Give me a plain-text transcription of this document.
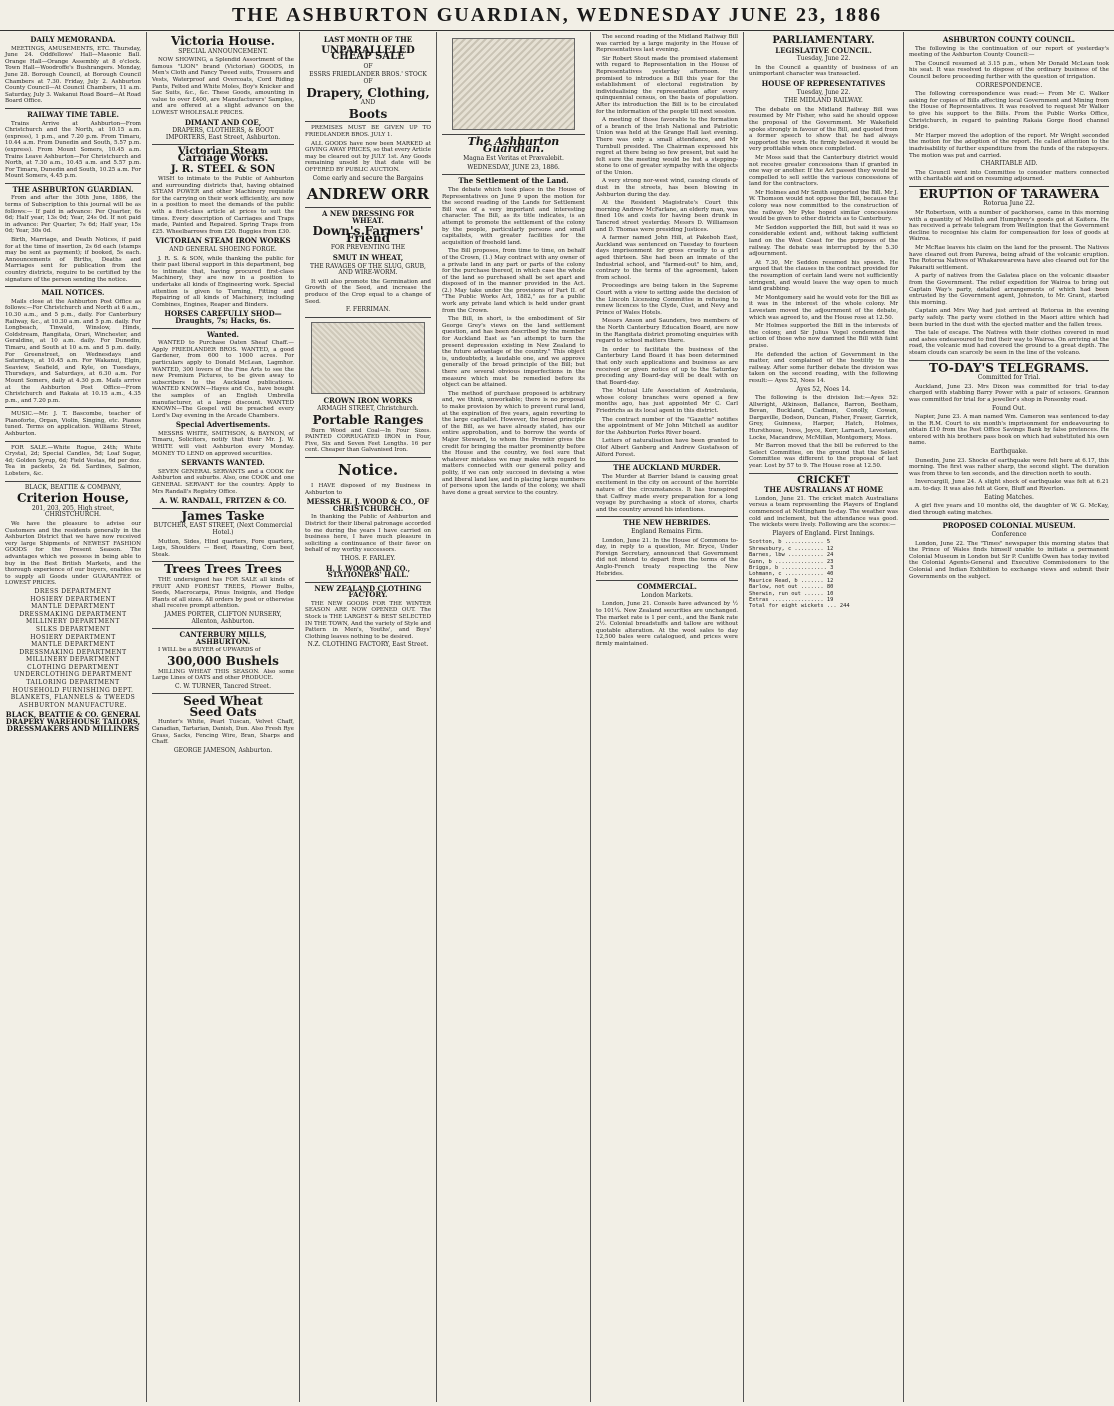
THE ASHBURTON GUARDIAN, WEDNESDAY JUNE 23, 1886
DAILY MEMORANDA.

MEETINGS, AMUSEMENTS, ETC. Thursday, June 24. Oddfellows' Hall—Masonic Ball. Orange Hall—Orange Assembly at 8 o'clock. Town Hall—Woodroffe's Bushrangers. Monday, June 28. Borough Council, at Borough Council Chambers at 7.30. Friday, July 2. Ashburton County Council—At Council Chambers, 11 a.m. Saturday, July 3. Wakanui Road Board—At Road Board Office.

RAILWAY TIME TABLE.

Trains Arrive at Ashburton—From Christchurch and the North, at 10.15 a.m. (express), 1 p.m., and 7.20 p.m. From Timaru, 10.44 a.m. From Dunedin and South, 5.57 p.m. (express). From Mount Somers, 10.45 a.m. Trains Leave Ashburton—For Christchurch and North, at 7.30 a.m., 10.45 a.m. and 5.57 p.m. For Timaru, Dunedin and South, 10.25 a.m. For Mount Somers, 4.45 p.m.

THE ASHBURTON GUARDIAN.

From and after the 30th June, 1886, the terms of Subscription to this journal will be as follows:— If paid in advance: Per Quarter, 6s 6d; Half year, 13s 0d; Year, 24s 0d. If not paid in advance: Per Quarter, 7s 6d; Half year, 15s 0d; Year, 30s 0d.

Birth, Marriage, and Death Notices, if paid for at the time of insertion, 2s 6d each (stamps may be sent as payment); if booked, 5s each. Announcements of Births, Deaths and Marriages sent for publication from the country districts, require to be certified by the signature of the person sending the notice.

MAIL NOTICES.

Mails close at the Ashburton Post Office as follows:—For Christchurch and North at 6 a.m., 10.30 a.m., and 5 p.m., daily. For Canterbury Railway, &c., at 10.30 a.m. and 5 p.m. daily. For Longbeach, Tinwald, Winslow, Hinds, Coldstream, Rangitata, Orari, Winchester, and Geraldine, at 10 a.m. daily. For Dunedin, Timaru, and South at 10 a.m. and 5 p.m. daily. For Greenstreet, on Wednesdays and Saturdays, at 10.45 a.m. For Wakanui, Elgin, Seaview, Seafield, and Kyle, on Tuesdays, Thursdays, and Saturdays, at 6.30 a.m. For Mount Somers, daily at 4.30 p.m. Mails arrive at the Ashburton Post Office—From Christchurch and Rakaia at 10.15 a.m., 4.35 p.m., and 7.20 p.m.

MUSIC.—Mr. J. T. Bascombe, teacher of Pianoforte, Organ, Violin, Singing, etc. Pianos tuned. Terms on application. Williams Street, Ashburton.

FOR SALE.—White Rogue, 24th; White Crystal, 2d; Special Candles, 5d; Loaf Sugar, 4d; Golden Syrup, 6d; Field Vestas, 6d per doz. Tea in packets, 2s 6d. Sardines, Salmon, Lobsters, &c.

BLACK, BEATTIE & COMPANY,
Criterion House,
201, 203, 205, High street, CHRISTCHURCH.

We have the pleasure to advise our Customers and the residents generally in the Ashburton District that we have now received very large Shipments of NEWEST FASHION GOODS for the Present Season. The advantages which we possess in being able to buy in the Best British Markets, and the thorough experience of our buyers, enables us to supply all Goods under GUARANTEE of LOWEST PRICES.

DRESS DEPARTMENT
HOSIERY DEPARTMENT
MANTLE DEPARTMENT
DRESSMAKING DEPARTMENT
MILLINERY DEPARTMENT
SILKS DEPARTMENT
HOSIERY DEPARTMENT
MANTLE DEPARTMENT
DRESSMAKING DEPARTMENT
MILLINERY DEPARTMENT
CLOTHING DEPARTMENT
UNDERCLOTHING DEPARTMENT
TAILORING DEPARTMENT
HOUSEHOLD FURNISHING DEPT.
BLANKETS, FLANNELS & TWEEDS
ASHBURTON MANUFACTURE.
BLACK, BEATTIE & CO. GENERAL DRAPERY WAREHOUSE TAILORS, DRESSMAKERS AND MILLINERS
Victoria House.
SPECIAL ANNOUNCEMENT.

NOW SHOWING, a Splendid Assortment of the famous "LION" brand (Victorian) GOODS, in Men's Cloth and Fancy Tweed suits, Trousers and Vests, Waterproof and Overcoats, Cord Riding Pants, Felted and White Moles, Boy's Knicker and Sac Suits, &c., &c. These Goods, amounting in value to over £400, are Manufacturers' Samples, and are offered at a slight advance on the LOWEST WHOLESALE PRICES.

DIMANT AND COE,
DRAPERS, CLOTHIERS, & BOOT IMPORTERS, East Street, Ashburton.
Victorian Steam Carriage Works.
J. R. STEEL & SON

WISH to intimate to the Public of Ashburton and surrounding districts that, having obtained STEAM POWER and other Machinery requisite for the carrying on their work efficiently, are now in a position to meet the demands of the public with a first-class article at prices to suit the times. Every description of Carriages and Traps made, Painted and Repaired. Spring Traps from £25. Wheelbarrows from £20. Buggies from £30.

VICTORIAN STEAM IRON WORKS
AND GENERAL SHOEING FORGE.

J. R. S. & SON, while thanking the public for their past liberal support in this department, beg to intimate that, having procured first-class Machinery, they are now in a position to undertake all kinds of Engineering work. Special attention is given to Turning, Fitting and Repairing of all kinds of Machinery, including Combines, Engines, Reaper and Binders.

HORSES CAREFULLY SHOD—Draughts, 7s; Hacks, 6s.
Wanted.

WANTED to Purchase Oaten Sheaf Chaff.—Apply FRIEDLANDER BROS. WANTED, a good Gardener, from 600 to 1000 acres. For particulars apply to Donald McLean, Lagmhor. WANTED, 300 lovers of the Fine Arts to see the new Premium Pictures, to be given away to subscribers to the Auckland publications. WANTED KNOWN—Hayes and Co., have bought the samples of an English Umbrella manufacturer, at a large discount. WANTED KNOWN—The Gospel will be preached every Lord's Day evening in the Arcade Chambers.

Special Advertisements.

MESSRS WHITE, SMITHSON, & BAYNON, of Timaru, Solicitors, notify that their Mr. J. W. WHITE will visit Ashburton every Monday. MONEY TO LEND on approved securities.

SERVANTS WANTED.

SEVEN GENERAL SERVANTS and a COOK for Ashburton and suburbs. Also, one COOK and one GENERAL SERVANT for the country. Apply to Mrs Randall's Registry Office.

A. W. RANDALL, FRITZEN & CO.
James Taske
BUTCHER, EAST STREET, (Next Commercial Hotel.)

Mutton, Sides, Hind quarters, Fore quarters, Legs, Shoulders — Beef, Roasting, Corn beef, Steak.

Trees Trees Trees

THE undersigned has FOR SALE all kinds of FRUIT AND FOREST TREES, Flower Bulbs, Seeds, Macrocarpa, Pinus Insignis, and Hedge Plants of all sizes. All orders by post or otherwise shall receive prompt attention.

JAMES PORTER, CLIFTON NURSERY, Allenton, Ashburton.
CANTERBURY MILLS, ASHBURTON.

I WILL be a BUYER of UPWARDS of

300,000 Bushels

MILLING WHEAT THIS SEASON. Also some Large Lines of OATS and other PRODUCE.

C. W. TURNER, Tancred Street.
Seed Wheat
Seed Oats

Hunter's White, Pearl Tuscan, Velvet Chaff, Canadian, Tartarian, Danish, Dun. Also Fresh Rye Grass, Sacks, Fencing Wire, Bran, Sharps and Chaff.

GEORGE JAMESON, Ashburton.
LAST MONTH OF THE
UNPARALLELED CHEAP SALE
OF
ESSRS FRIEDLANDER BROS.' STOCK OF
Drapery, Clothing,
AND
Boots

PREMISES MUST BE GIVEN UP TO FRIEDLANDER BROS. JULY 1.

ALL GOODS have now been MARKED at GIVING AWAY PRICES, so that every Article may be cleared out by JULY 1st. Any Goods remaining unsold by that date will be OFFERED BY PUBLIC AUCTION.

Come early and secure the Bargains
ANDREW ORR
A NEW DRESSING FOR WHEAT.
Down's Farmers' Friend
FOR PREVENTING THE
SMUT IN WHEAT,
THE RAVAGES OF THE SLUG, GRUB, AND WIRE-WORM.

It will also promote the Germination and Growth of the Seed, and increase the produce of the Crop equal to a change of Seed.

F. FERRIMAN.
CROWN IRON WORKS
ARMAGH STREET, Christchurch.
Portable Ranges

Burn Wood and Coal—In Four Sizes. PAINTED CORRUGATED IRON in Four, Five, Six and Seven Feet Lengths. 16 per cent. Cheaper than Galvanised Iron.

Notice.

I HAVE disposed of my Business in Ashburton to

MESSRS H. J. WOOD & CO., OF CHRISTCHURCH.

In thanking the Public of Ashburton and District for their liberal patronage accorded to me during the years I have carried on business here, I have much pleasure in soliciting a continuance of their favor on behalf of my worthy successors.

THOS. F. FARLEY.
H. J. WOOD AND CO., STATIONERS' HALL.
NEW ZEALAND CLOTHING FACTORY.

THE NEW GOODS FOR THE WINTER SEASON ARE NOW OPENED OUT. The Stock is THE LARGEST & BEST SELECTED IN THE TOWN, And the variety of Style and Pattern in Men's, Youths', and Boys' Clothing leaves nothing to be desired.

N.Z. CLOTHING FACTORY, East Street.
The Ashburton Guardian.
Magna Est Veritas et Prævalebit.
WEDNESDAY, JUNE 23, 1886.
The Settlement of the Land.

The debate which took place in the House of Representatives on June 9 upon the motion for the second reading of the Lands for Settlement Bill was of a very important and interesting character. The Bill, as its title indicates, is an attempt to promote the settlement of the colony by the people, particularly persons and small capitalists, with greater facilities for the acquisition of freehold land.

The Bill proposes, from time to time, on behalf of the Crown, (1.) May contract with any owner of a private land in any part or parts of the colony for the purchase thereof, in which case the whole of the land so purchased shall be set apart and disposed of in the manner provided in the Act. (2.) May take under the provisions of Part II. of "The Public Works Act, 1882," as for a public work any private land which is held under grant from the Crown.

The Bill, in short, is the embodiment of Sir George Grey's views on the land settlement question, and has been described by the member for Auckland East as "an attempt to turn the present depression existing in New Zealand to the future advantage of the country." This object is, undoubtedly, a laudable one, and we approve generally of the broad principle of the Bill; but there are several obvious imperfections in the measure which must be remedied before its object can be attained.

The method of purchase proposed is arbitrary and, we think, unworkable; there is no proposal to make provision by which to prevent rural land, at the expiration of five years, again reverting to the large capitalist. However, the broad principle of the Bill, as we have already stated, has our entire approbation, and to borrow the words of Major Steward, to whom the Premier gives the credit for bringing the matter prominently before the House and the country, we feel sure that whatever mistakes we may make with regard to matters connected with our general policy and polity, if we can only succeed in devising a wise and liberal land law, and in placing large numbers of persons upon the lands of the colony, we shall have done a great service to the country.

The second reading of the Midland Railway Bill was carried by a large majority in the House of Representatives last evening.

Sir Robert Stout made the promised statement with regard to Representation in the House of Representatives yesterday afternoon. He promised to introduce a Bill this year for the establishment of electoral registration by individualising the representation after every quinquennial census, on the basis of population. After its introduction the Bill is to be circulated for the information of the people till next session.

A meeting of those favorable to the formation of a branch of the Irish National and Patriotic Union was held at the Grange Hall last evening. There was only a small attendance, and Mr Turnbull presided. The Chairman expressed his regret at there being so few present, but said he felt sure the meeting would be but a stepping-stone to one of greater sympathy with the objects of the Union.

A very strong nor-west wind, causing clouds of dust in the streets, has been blowing in Ashburton during the day.

At the Resident Magistrate's Court this morning Andrew McFarlane, an elderly man, was fined 10s and costs for having been drunk in Tancred street yesterday. Messrs D. Williamson and D. Thomas were presiding Justices.

A farmer named John Hill, at Pakeboh East, Auckland was sentenced on Tuesday to fourteen days imprisonment for gross cruelty to a girl aged thirteen. She had been an inmate of the Industrial school, and "farmed-out" to him, and, contrary to the terms of the agreement, taken from school.

Proceedings are being taken in the Supreme Court with a view to setting aside the decision of the Lincoln Licensing Committee in refusing to renew licences to the Clyde, Cust, and Nevy and Prince of Wales Hotels.

Messrs Anson and Saunders, two members of the North Canterbury Education Board, are now in the Rangitata district promoting enquiries with regard to school matters there.

In order to facilitate the business of the Canterbury Land Board it has been determined that only such applications and business as are received or given notice of up to the Saturday preceding any Board-day will be dealt with on that Board-day.

The Mutual Life Association of Australasia, whose colony branches were opened a few months ago, has just appointed Mr C. Carl Friedrichs as its local agent in this district.

The contract number of the "Gazette" notifies the appointment of Mr John Mitchell as auditor for the Ashburton Forks River board.

Letters of naturalisation have been granted to Olof Albert Ganberg and Andrew Gustafsson of Alford Forest.

THE AUCKLAND MURDER.

The Murder at Barrier Island is causing great excitement in the city on account of the horrible nature of the circumstances. It has transpired that Caffrey made every preparation for a long voyage by purchasing a stock of stores, charts and the country around his intentions.

THE NEW HEBRIDES.
England Remains Firm.

London, June 21. In the House of Commons to-day, in reply to a question, Mr. Bryce, Under Foreign Secretary, announced that Government did not intend to depart from the terms of the Anglo-French treaty respecting the New Hebrides.

COMMERCIAL.
London Markets.

London, June 21. Consols have advanced by ½ to 101¼. New Zealand securities are unchanged. The market rate is 1 per cent., and the Bank rate 2½. Colonial breadstuffs and tallow are without quotable alteration. At the wool sales to day 12,500 bales were catalogued, and prices were firmly maintained.

PARLIAMENTARY.
LEGISLATIVE COUNCIL.
Tuesday, June 22.

In the Council a quantity of business of an unimportant character was transacted.

HOUSE OF REPRESENTATIVES
Tuesday, June 22.
THE MIDLAND RAILWAY.

The debate on the Midland Railway Bill was resumed by Mr Fisher, who said he should oppose the proposal of the Government. Mr Wakefield spoke strongly in favour of the Bill, and quoted from a former speech to show that he had always supported the work. He firmly believed it would be very profitable when once completed.

Mr Moss said that the Canterbury district would not receive greater concessions than if granted in one way or another. If the Act passed they would be compelled to sell settle the various concessions of land for the contractors.

Mr Holmes and Mr Smith supported the Bill. Mr J. W. Thomson would not oppose the Bill, because the colony was now committed to the construction of the railway. Mr Pyke hoped similar concessions would be given to other districts as to Canterbury.

Mr Seddon supported the Bill, but said it was so considerable extent and, without taking sufficient land on the West Coast for the purposes of the railway. The debate was interrupted by the 5.30 adjournment.

At 7.30, Mr Seddon resumed his speech. He argued that the clauses in the contract provided for the resumption of certain land were not sufficiently stringent, and would leave the way open to much land grabbing.

Mr Montgomery said he would vote for the Bill as it was in the interest of the whole colony. Mr Levestam moved the adjournment of the debate, which was agreed to, and the House rose at 12.50.

Mr Holmes supported the Bill in the interests of the colony, and Sir Julius Vogel condemned the action of those who now damned the Bill with faint praise.

He defended the action of Government in the matter, and complained of the hostility to the railway. After some further debate the division was taken on the second reading, with the following result:— Ayes 52, Noes 14.

Ayes 52, Noes 14.

The following is the division list:—Ayes 52: Allwright, Atkinson, Ballance, Barron, Beetham, Bevan, Buckland, Cadman, Conolly, Cowan, Dargaville, Dodson, Duncan, Fisher, Fraser, Garrick, Grey, Guinness, Harper, Hatch, Holmes, Hursthouse, Ivess, Joyce, Kerr, Larnach, Levestam, Locke, Macandrew, McMillan, Montgomery, Moss.

Mr Barron moved that the bill be referred to the Select Committee, on the ground that the Select Committee was different to the proposal of last year. Lost by 57 to 9. The House rose at 12.50.

CRICKET
THE AUSTRALIANS AT HOME

London, June 21. The cricket match Australians versus a team representing the Players of England commenced at Nottingham to-day. The weather was cold and inclement, but the attendance was good. The wickets were lively. Following are the scores:—

Players of England. First Innings.
Scotton, b ............ 5
Shrewsbury, c ......... 12
Barnes, lbw ........... 24
Gunn, b ............... 23
Briggs, b .............. 3
Lohmann, c ............ 40
Maurice Read, b ....... 12
Barlow, not out ....... 80
Sherwin, run out ...... 10
Extras ................ 19
Total for eight wickets ... 244
ASHBURTON COUNTY COUNCIL.

The following is the continuation of our report of yesterday's meeting of the Ashburton County Council:—

The Council resumed at 3.15 p.m., when Mr Donald McLean took his seat. It was resolved to dispose of the ordinary business of the Council before proceeding further with the question of irrigation.

CORRESPONDENCE.

The following correspondence was read:— From Mr C. Walker asking for copies of Bills affecting local Government and Mining from the House of Representatives. It was resolved to request Mr Walker to give his support to the Bills. From the Public Works Office, Christchurch, in regard to painting Rakaia Gorge flood channel bridge.

Mr Harper moved the adoption of the report. Mr Wright seconded the motion for the adoption of the report. He called attention to the inadvisability of further expenditure from the funds of the ratepayers. The motion was put and carried.

CHARITABLE AID.

The Council went into Committee to consider matters connected with charitable aid and on resuming adjourned.

ERUPTION OF TARAWERA
Rotorua June 22.

Mr Robertson, with a number of packhorses, came in this morning with a quantity of Mellish and Humphrey's goods got at Kaitera. He has received a private telegram from Wellington that the Government decline to recognise his claim for compensation for loss of goods at Wairoa.

Mr McRae leaves his claim on the land for the present. The Natives have cleared out from Parewa, being afraid of the volcanic eruption. The Rotorua Natives of Whakarewarewa have also cleared out for the Pakaraiti settlement.

A party of natives from the Galatea place on the volcanic disaster from the Government. The relief expedition for Wairoa to bring out Captain Way's party, detailed arrangements of which had been entrusted by the Government agent, Johnston, to Mr. Grant, started this morning.

Captain and Mrs Way had just arrived at Rotorua in the evening party safely. The party were clothed in the Maori attire which had been buried in the dust with the ejected matter and the fallen trees.

The tale of escape. The Natives with their clothes covered in mud and ashes endeavoured to find their way to Wairoa. On arriving at the road, the volcanic mud had covered the ground to a great depth. The steam clouds can scarcely be seen in the line of the volcano.

TO-DAY'S TELEGRAMS.
Committed for Trial.

Auckland, June 23. Mrs Dixon was committed for trial to-day charged with stabbing Barry Power with a pair of scissors. Grannon was committed for trial for a jeweller's shop in Ponsonby road.

Found Out.

Napier, June 23. A man named Wm. Cameron was sentenced to-day in the R.M. Court to six month's imprisonment for endeavouring to obtain £10 from the Post Office Savings Bank by false pretences. He entered with his brothers pass book on which had substituted his own name.

Earthquake.

Dunedin, June 23. Shocks of earthquake were felt here at 6.17, this morning. The first was rather sharp, the second slight. The duration was from three to ten seconds, and the direction north to south.

Invercargill, June 24. A slight shock of earthquake was felt at 6.21 a.m. to-day. It was also felt at Gore, Bluff and Riverton.

Eating Matches.

A girl five years and 10 months old, the daughter of W. G. McKay, died through eating matches.

PROPOSED COLONIAL MUSEUM.
Conference

London, June 22. The "Times" newspaper this morning states that the Prince of Wales finds himself unable to initiate a permanent Colonial Museum in London but Sir P. Cunliffe Owen has today invited the Colonial Agents-General and Executive Commissioners to the Colonial and Indian Exhibition to exchange views and submit their Governments on the subject.
